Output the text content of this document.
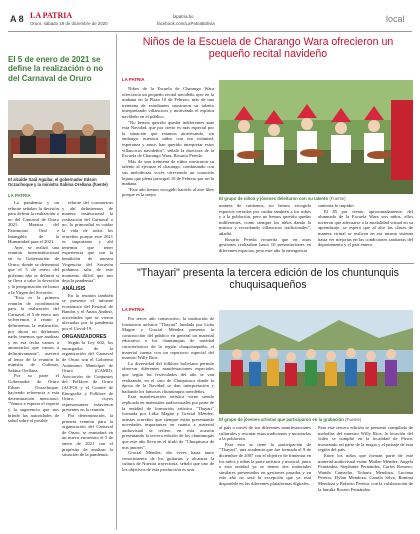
A 8 LA PATRIA
Oruro, sábado 19 de diciembre de 2020
lapatria.bo
facebook.com/LaPatriaBolivia	local
El 5 de enero de 2021 se define la realización o no del Carnaval de Oruro
El alcalde Saúl Aguilar, el gobernador Edson Oczachoque y la ministra Sabina Orellana (fuente)
LA PATRIA

La pandemia y un rebrote señalan la decisión para definir la realización o no del Carnaval de Oruro 2021, Maestra del Patrimonio Oral e Intangible de la Humanidad para el 2021.

Ayer, se realizó una reunión interinstitucional en la Gobernación de Oruro, donde se determinó que el 5 de enero del próximo año se definirá si se lleva a cabo la devoción y la peregrinación en honor a la Virgen del Socavón.

"Esta es la primera reunión de coordinación para la realización del Carnaval, el 5 de enero nos volveremos a reunir y definiremos la realización, por ahora no definimos nada, tenemos que analizar y en esa fecha vamos a anunciarlos que vamos a definitivamente", aseveró al tenor de la reunión la ministra de Culturas, Sabina Orellana.

Por su parte el Gobernador de Oruro Edson Oczachoque, haciendo referencia a esta determinación mencionó: "Vamos a esperar el reporte y la sugerencia que nos brinde las autoridades de salud sobre el posible

rebrote del coronavirus y ahí definiremos de manera institucional la realización del Carnaval o no, lo primordial es cuidar la vida de todos los orureños porque este 2021 es importante y ahí tenemos que tener experiencia que con la bendición de nuestra Virgencita del Socavón podamos salir de este momento difícil que nos deja la pandemia".

ANÁLISIS

En la reunión también se presentó el informe económico del Festival de Bandas y el Anata Andino, actividades que se vieron afectadas por la pandemia por el Covid-19.

ORGANIZADORES

Según la Ley 602, los encargados de la organización del Carnaval de Oruro son el Gobierno Autónomo Municipal de Oruro (GAMO), Asociación de Conjuntos del Folklore de Oruro (ACFO) y el Comité de Etnografía y Folklore de Oruro, cuyos representantes estuvieron presentes en la reunión.

Por determinación, la primera reunión para la organización del Carnaval de Oruro, se reanudará en un nuevo encuentro el 5 de enero de 2021 con el propósito de analizar la situación de la pandemia.

Niños de la Escuela de Charango Wara ofrecieron un pequeño recital navideño
LA PATRIA

Niños de la Escuela de Charango Wara ofrecieron un pequeño recital navideño ayer en la mañana en la Plaza 10 de Febrero, más de una treintena de estudiantes mostraron su talento interpretando villancicos y motivando el espíritu navideño en el público.

"No hemos querido quedar indiferentes ante esta Navidad, que por cierto es más especial por la situación que estamos atravesando, sin embargo, nuestros niños con esa voluntad, esperanza y amor, han querido interpretar estos villancicos navideños", señaló la directora de la Escuela de Charango Wara, Rosario Pereda.

Más de una treintena de niños mostraron su talento al ejecutar el charango, combinando con sus melodiosas voces ofreciendo un conocido lejano que plena principal 10 de Febrero por un la mañana.

"Este año hemos escogido hacerlo al aire libre porque es la mejor

El grupo de niños y jóvenes deleitaron con su talento (Fuente)

manera de cuidarnos, no hemos escogido espacios cerrados por cuidar también a los niños y a la población, pero no hemos querido quedar indiferentes, como siempre los niños dando la música y recordando villancicos tradicionales", añadió.

Rosario Pereda recuerda que en otras gestiones realizaban hasta 10 presentaciones en diferentes espacios, pero este año la emergencia

sanitaria lo impidió.

El 85 por ciento, aproximadamente, del alumnado de la Escuela Wara son niños, ellos tuvieron que adecuarse a la modalidad virtual en su aprendizaje, se espera que al alto las clases de manera virtual se realicen en ese mismo sistema hasta ver mejorías en las condiciones sanitarias del departamento y el país entero.

"Thayari" presenta la tercera edición de los chuntunquis chuquisaqueños
LA PATRIA

Por tercer año consecutivo, la institución de formación artística "Thayari" fundada por Lidia Magne y Gracial Méndez presenta la construcción del público en general un material educativo a los chuntunquis de navidad característicos de la región chuquisaqueña, el material cuenta con un repertorio especial del maestro Willy Rios.

La diversidad del folklore boliviano permite observar diferentes manifestaciones especiales que según las festividades del año se van realizando, en el caso de Chuquisaca donde la época de la Navidad se dan interpretación y bailando los famosos chuntunquis navideños.

Esta manifestación artística viene siendo replicada en materiales audiovisuales por parte de la entidad de formación artística "Thayari" formada por Lidia Magne y Gracial Méndez, artistas orureños que siempre están presentando novedades importantes en cuanto a material audiovisual se refiere, en esta ocasión presentando la tercera edición de los chuntunquis que este año lleva en el título de "Chuquisaca de mis amores".

Gracial Méndez, dio veces hasta tanto conocimiento de los guitarras y alcanzar la cultura de Nuestra trayectoria, señaló que uno de los objetivos de esta producción es unir

El grupo de jóvenes artistas que participaron en la grabación (Fuente)

al país a través de sus diferentes manifestaciones culturales y rescatar estas tradiciones y mostrarlas a la población.

Para esto se tiene la participación de "Thayari", una academia que fue formada el 9 de diciembre de 2007 con el objetivo de fomentar en los niños y niñas la parte artística y musical, junto a esta entidad ya se tienen dos materiales similares presentados en gestiones pasadas y en este año no será la excepción que ya está disponible en las diferentes plataformas digitales.

Para este tercera edición se presentó compilado de melodías del maestro Willy Rios, la locación del video se cumplió en la localidad de Pirwa, mostrando así parte de la magia y el paisaje de esta región del país.

Entre los niños que forman parte de este material audiovisual están: Mailen Méndez, Angela Fernández, Stephanie Fernández, Carlos Romero, Wanda Camacho, Yoharis Mendoza, Luciana Pereira, Dylan Mendoza, Camila Silva, Romina Mendoza y Roberto Pereira, con la colaboración de la familia Rosero Fernández.
